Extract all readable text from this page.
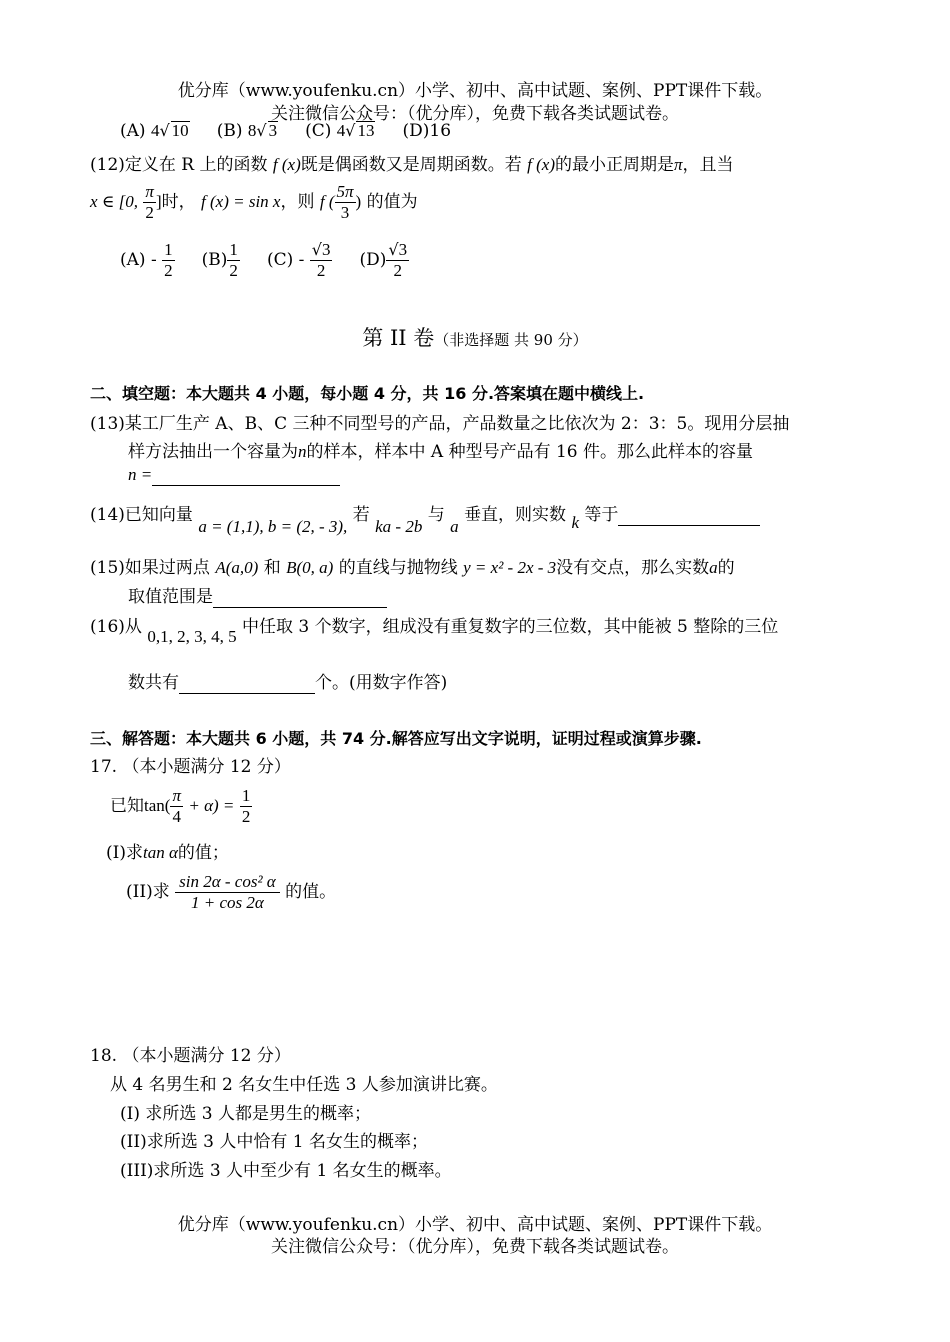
优分库（www.youfenku.cn）小学、初中、高中试题、案例、PPT课件下载。
关注微信公众号：（优分库），免费下载各类试题试卷。
(A) 4√ 10 (B) 8√ 3 (C) 4√ 13 (D)16
(12)定义在 R 上的函数 f (x)既是偶函数又是周期函数。若 f (x)的最小正周期是π，且当
x ∈ [0, $\frac{\pi}{2}$ ]时， f (x) = sin x，则 f ( $\frac{5\pi}{3}$ ) 的值为
$(A) - \frac{1}{2} (B) \frac{1}{2} (C) - \frac{√3}{2} (D) \frac{√3}{2}$
第 II 卷（非选择题 共 90 分）
二、填空题：本大题共 4 小题，每小题 4 分，共 16 分.答案填在题中横线上.
(13)某工厂生产 A、B、C 三种不同型号的产品，产品数量之比依次为 2：3：5。现用分层抽
样方法抽出一个容量为n的样本，样本中 A 种型号产品有 16 件。那么此样本的容量
n =
(14)已知向量 a = (1,1), b = (2, - 3), 若 ka - 2b 与 a 垂直，则实数 k 等于
(15)如果过两点 A(a,0) 和 B(0, a) 的直线与抛物线 y = x² - 2x - 3没有交点，那么实数a的
取值范围是
(16)从 0,1, 2, 3, 4, 5 中任取 3 个数字，组成没有重复数字的三位数，其中能被 5 整除的三位
数共有	个。(用数字作答)
三、解答题：本大题共 6 小题，共 74 分.解答应写出文字说明，证明过程或演算步骤.
17. （本小题满分 12 分）
已知$\tan( \frac{\pi}{4} + \alpha) = \frac{1}{2}$
(I)求tan α的值；
(II)求 $\frac{\text{sin 2α - cos² α}}{1 + \cos 2\alpha}$ 的值。
18. （本小题满分 12 分）
从 4 名男生和 2 名女生中任选 3 人参加演讲比赛。
(I) 求所选 3 人都是男生的概率；
(II)求所选 3 人中恰有 1 名女生的概率；
(III)求所选 3 人中至少有 1 名女生的概率。
优分库（www.youfenku.cn）小学、初中、高中试题、案例、PPT课件下载。
关注微信公众号：（优分库），免费下载各类试题试卷。
